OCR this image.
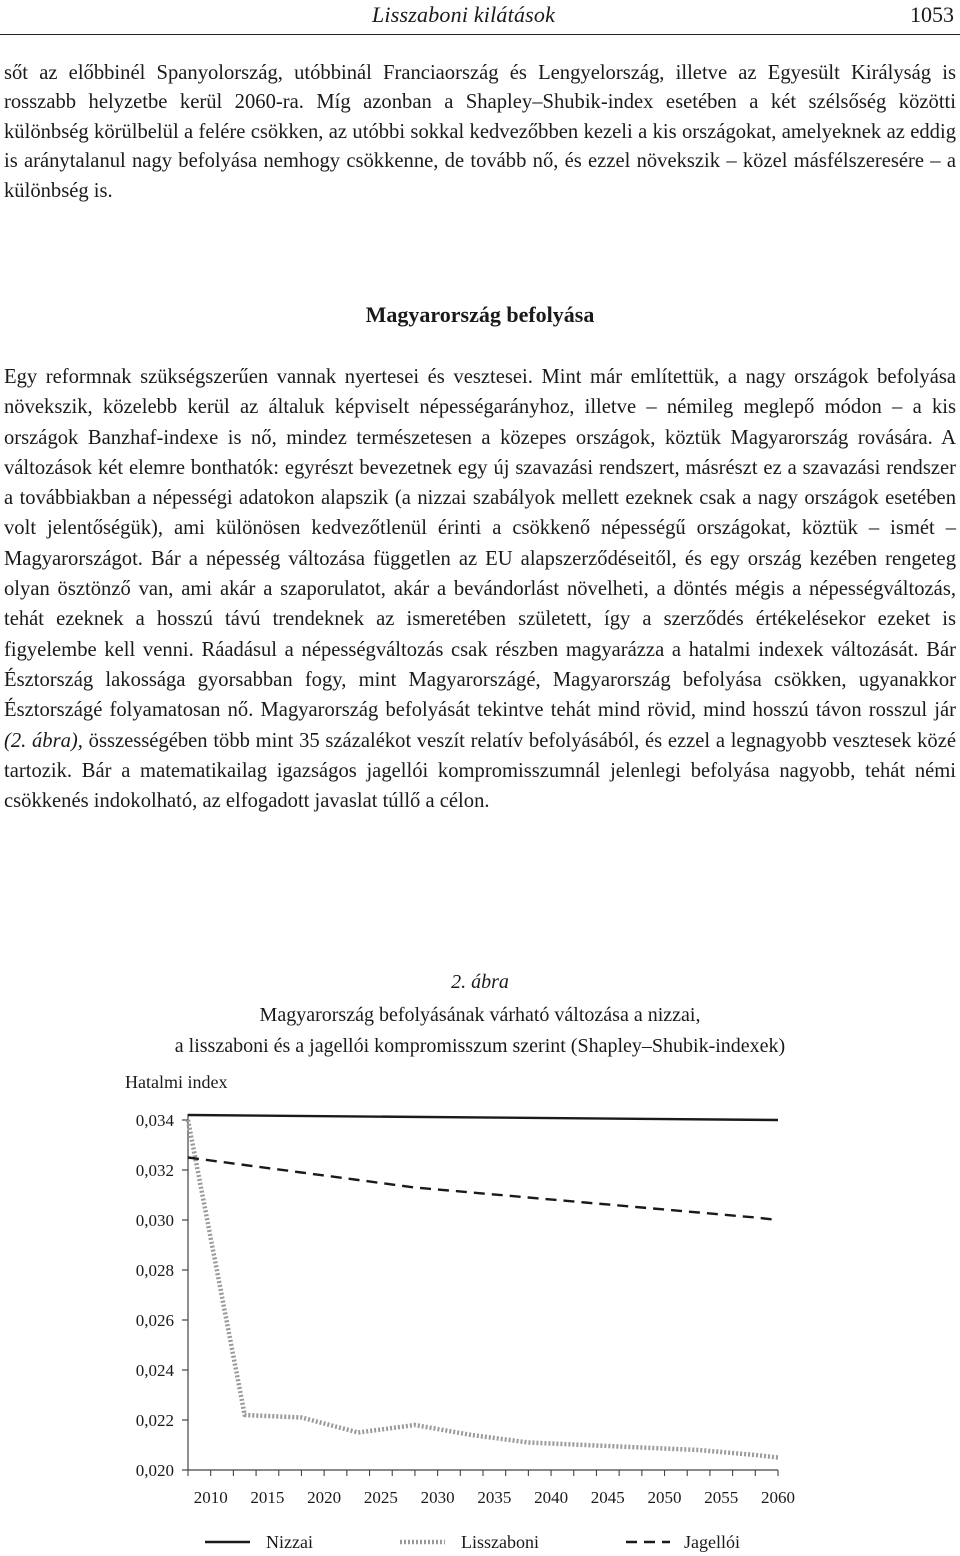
Lisszaboni kilátások	1053

sőt az előbbinél Spanyolország, utóbbinál Franciaország és Lengyelország, illetve az Egyesült Királyság is rosszabb helyzetbe kerül 2060-ra. Míg azonban a Shapley–Shubik-index esetében a két szélsőség közötti különbség körülbelül a felére csökken, az utóbbi sokkal kedvezőbben kezeli a kis országokat, amelyeknek az eddig is aránytalanul nagy befolyása nemhogy csökkenne, de tovább nő, és ezzel növekszik – közel másfélszeresére – a különbség is.

Magyarország befolyása

Egy reformnak szükségszerűen vannak nyertesei és vesztesei. Mint már említettük, a nagy országok befolyása növekszik, közelebb kerül az általuk képviselt népességarányhoz, illetve – némileg meglepő módon – a kis országok Banzhaf-indexe is nő, mindez természetesen a közepes országok, köztük Magyarország rovására. A változások két elemre bonthatók: egyrészt bevezetnek egy új szavazási rendszert, másrészt ez a szavazási rendszer a továbbiakban a népességi adatokon alapszik (a nizzai szabályok mellett ezeknek csak a nagy országok esetében volt jelentőségük), ami különösen kedvezőtlenül érinti a csökkenő népességű országokat, köztük – ismét – Magyarországot. Bár a népesség változása független az EU alapszerződéseitől, és egy ország kezében rengeteg olyan ösztönző van, ami akár a szaporulatot, akár a bevándorlást növelheti, a döntés mégis a népességváltozás, tehát ezeknek a hosszú távú trendeknek az ismeretében született, így a szerződés értékelésekor ezeket is figyelembe kell venni. Ráadásul a népességváltozás csak részben magyarázza a hatalmi indexek változását. Bár Észtország lakossága gyorsabban fogy, mint Magyarországé, Magyarország befolyása csökken, ugyanakkor Észtországé folyamatosan nő. Magyarország befolyását tekintve tehát mind rövid, mind hosszú távon rosszul jár (2. ábra), összességében több mint 35 százalékot veszít relatív befolyásából, és ezzel a legnagyobb vesztesek közé tartozik. Bár a matematikailag igazságos jagellói kompromisszumnál jelenlegi befolyása nagyobb, tehát némi csökkenés indokolható, az elfogadott javaslat túllő a célon.

2. ábra
Magyarország befolyásának várható változása a nizzai,
a lisszaboni és a jagellói kompromisszum szerint (Shapley–Shubik-indexek)
Hatalmi index
0,034
0,032
0,030
0,028
0,026
0,024
0,022
0,020
2010 2015 2020 2025 2030 2035 2040 2045 2050 2055 2060
Nizzai	Lisszaboni	Jagellói
